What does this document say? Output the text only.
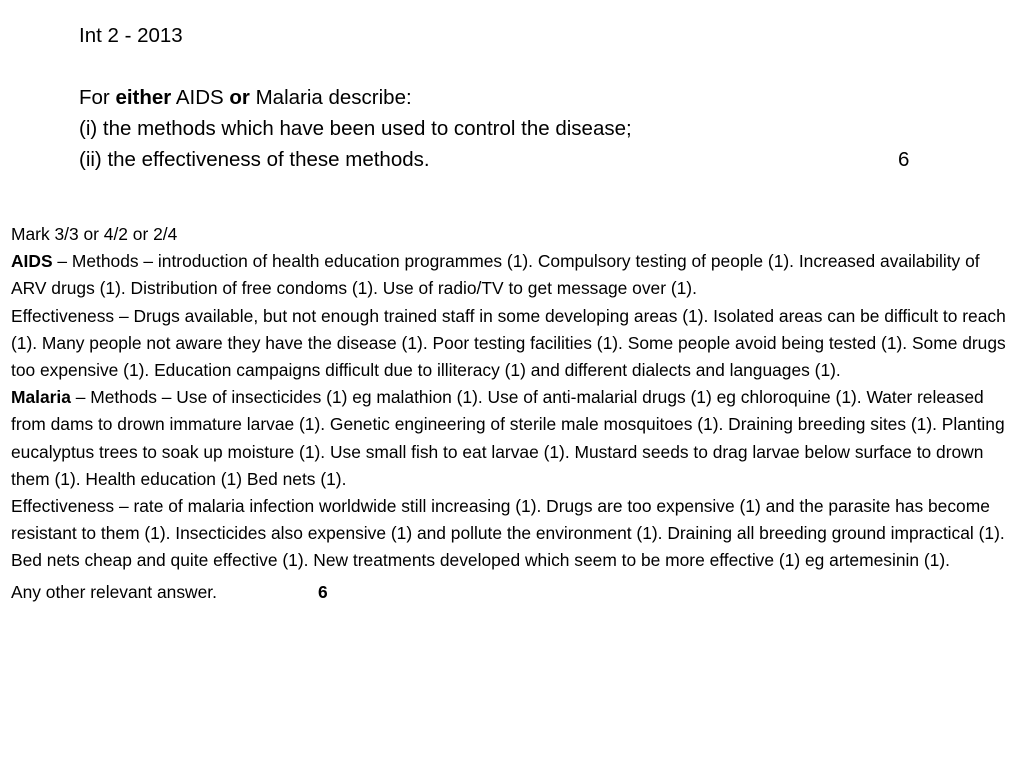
Int 2 - 2013
For either AIDS or Malaria describe:
(i) the methods which have been used to control the disease;
(ii) the effectiveness of these methods.	6

Mark 3/3 or 4/2 or 2/4

AIDS – Methods – introduction of health education programmes (1). Compulsory testing of people (1). Increased availability of ARV drugs (1). Distribution of free condoms (1). Use of radio/TV to get message over (1).

Effectiveness – Drugs available, but not enough trained staff in some developing areas (1). Isolated areas can be difficult to reach (1). Many people not aware they have the disease (1). Poor testing facilities (1). Some people avoid being tested (1). Some drugs too expensive (1). Education campaigns difficult due to illiteracy (1) and different dialects and languages (1).

Malaria – Methods – Use of insecticides (1) eg malathion (1). Use of anti-malarial drugs (1) eg chloroquine (1). Water released from dams to drown immature larvae (1). Genetic engineering of sterile male mosquitoes (1). Draining breeding sites (1). Planting eucalyptus trees to soak up moisture (1). Use small fish to eat larvae (1). Mustard seeds to drag larvae below surface to drown them (1). Health education (1) Bed nets (1).

Effectiveness – rate of malaria infection worldwide still increasing (1). Drugs are too expensive (1) and the parasite has become resistant to them (1). Insecticides also expensive (1) and pollute the environment (1). Draining all breeding ground impractical (1). Bed nets cheap and quite effective (1). New treatments developed which seem to be more effective (1) eg artemesinin (1).

Any other relevant answer.	6
